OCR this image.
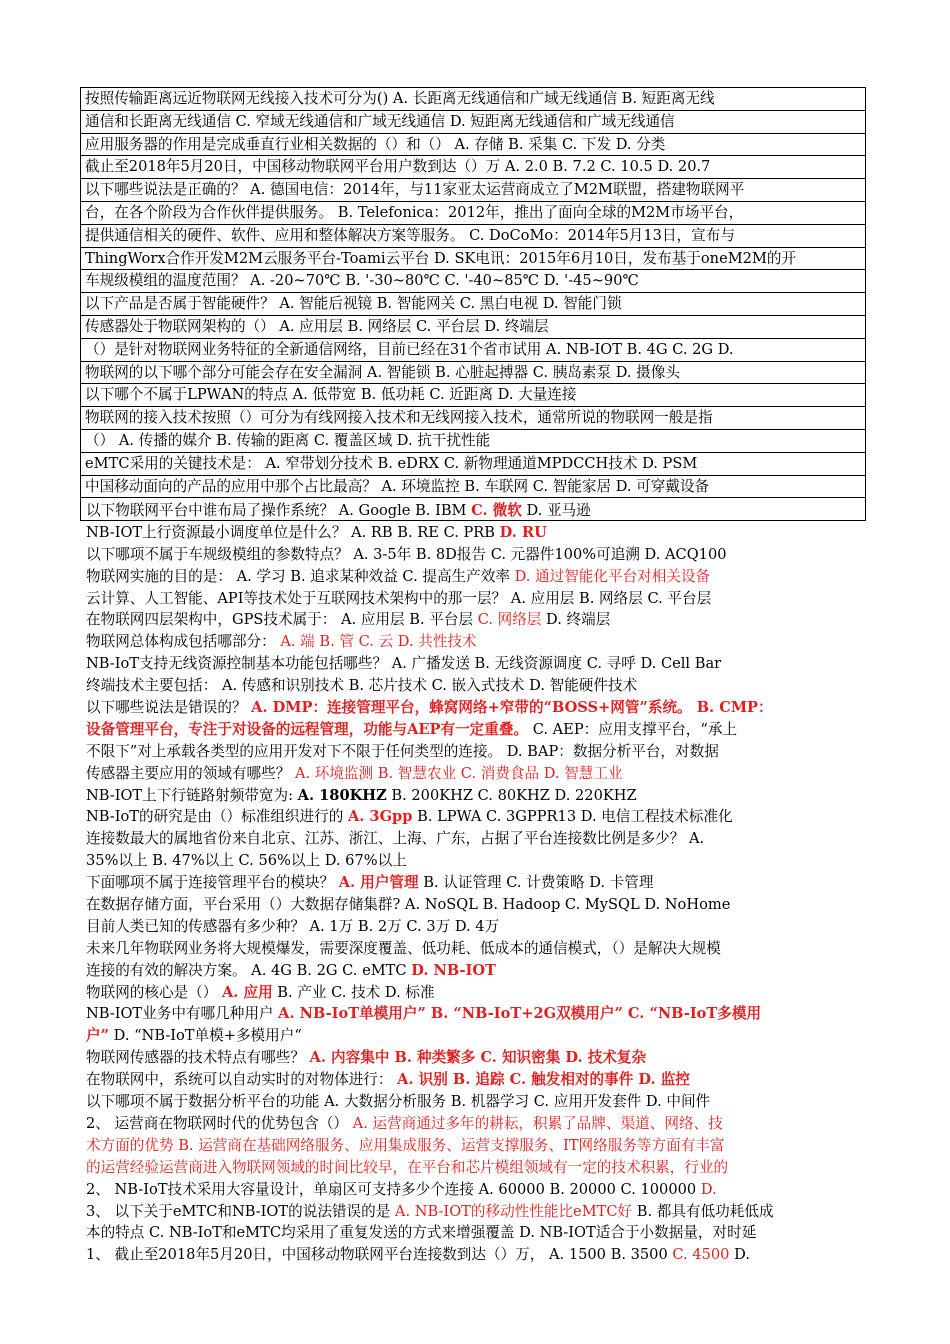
按照传输距离远近物联网无线接入技术可分为() A. 长距离无线通信和广域无线通信 B. 短距离无线
通信和长距离无线通信 C. 窄域无线通信和广域无线通信 D. 短距离无线通信和广域无线通信
应用服务器的作用是完成垂直行业相关数据的（）和（） A. 存储 B. 采集 C. 下发 D. 分类
截止至2018年5月20日，中国移动物联网平台用户数到达（）万 A. 2.0 B. 7.2 C. 10.5 D. 20.7
以下哪些说法是正确的？ A. 德国电信：2014年，与11家亚太运营商成立了M2M联盟，搭建物联网平
台，在各个阶段为合作伙伴提供服务。 B. Telefonica：2012年，推出了面向全球的M2M市场平台，
提供通信相关的硬件、软件、应用和整体解决方案等服务。 C. DoCoMo：2014年5月13日，宣布与
ThingWorx合作开发M2M云服务平台-Toami云平台 D. SK电讯：2015年6月10日，发布基于oneM2M的开
车规级模组的温度范围？ A. -20~70℃ B. '-30~80℃ C. '-40~85℃ D. '-45~90℃
以下产品是否属于智能硬件？ A. 智能后视镜 B. 智能网关 C. 黑白电视 D. 智能门锁
传感器处于物联网架构的（） A. 应用层 B. 网络层 C. 平台层 D. 终端层
（）是针对物联网业务特征的全新通信网络，目前已经在31个省市试用 A. NB-IOT B. 4G C. 2G D.
物联网的以下哪个部分可能会存在安全漏洞 A. 智能锁 B. 心脏起搏器 C. 胰岛素泵 D. 摄像头
以下哪个不属于LPWAN的特点 A. 低带宽 B. 低功耗 C. 近距离 D. 大量连接
物联网的接入技术按照（）可分为有线网接入技术和无线网接入技术，通常所说的物联网一般是指
（） A. 传播的媒介 B. 传输的距离 C. 覆盖区域 D. 抗干扰性能
eMTC采用的关键技术是： A. 窄带划分技术 B. eDRX C. 新物理通道MPDCCH技术 D. PSM
中国移动面向的产品的应用中那个占比最高？ A. 环境监控 B. 车联网 C. 智能家居 D. 可穿戴设备
以下物联网平台中谁布局了操作系统？ A. Google B. IBM C. 微软 D. 亚马逊
NB-IOT上行资源最小调度单位是什么？ A. RB B. RE C. PRB D. RU
以下哪项不属于车规级模组的参数特点？ A. 3-5年 B. 8D报告 C. 元器件100%可追溯 D. ACQ100
物联网实施的目的是： A. 学习 B. 追求某种效益 C. 提高生产效率 D. 通过智能化平台对相关设备
云计算、人工智能、API等技术处于互联网技术架构中的那一层？ A. 应用层 B. 网络层 C. 平台层
在物联网四层架构中，GPS技术属于： A. 应用层 B. 平台层 C. 网络层 D. 终端层
物联网总体构成包括哪部分： A. 端 B. 管 C. 云 D. 共性技术
NB-IoT支持无线资源控制基本功能包括哪些？ A. 广播发送 B. 无线资源调度 C. 寻呼 D. Cell Bar
终端技术主要包括： A. 传感和识别技术 B. 芯片技术 C. 嵌入式技术 D. 智能硬件技术
以下哪些说法是错误的？ A. DMP：连接管理平台，蜂窝网络+窄带的“BOSS+网管”系统。 B. CMP：
设备管理平台，专注于对设备的远程管理，功能与AEP有一定重叠。 C. AEP：应用支撑平台，“承上
不限下”对上承载各类型的应用开发对下不限于任何类型的连接。 D. BAP：数据分析平台，对数据
传感器主要应用的领域有哪些？ A. 环境监测 B. 智慧农业 C. 消费食品 D. 智慧工业
NB-IOT上下行链路射频带宽为: A. 180KHZ B. 200KHZ C. 80KHZ D. 220KHZ
NB-IoT的研究是由（）标准组织进行的 A. 3Gpp B. LPWA C. 3GPPR13 D. 电信工程技术标准化
连接数最大的属地省份来自北京、江苏、浙江、上海、广东，占据了平台连接数比例是多少？ A.
35%以上 B. 47%以上 C. 56%以上 D. 67%以上
下面哪项不属于连接管理平台的模块？ A. 用户管理 B. 认证管理 C. 计费策略 D. 卡管理
在数据存储方面，平台采用（）大数据存储集群? A. NoSQL B. Hadoop C. MySQL D. NoHome
目前人类已知的传感器有多少种？ A. 1万 B. 2万 C. 3万 D. 4万
未来几年物联网业务将大规模爆发，需要深度覆盖、低功耗、低成本的通信模式，（）是解决大规模
连接的有效的解决方案。 A. 4G B. 2G C. eMTC D. NB-IOT
物联网的核心是（） A. 应用 B. 产业 C. 技术 D. 标准
NB-IOT业务中有哪几种用户 A. NB-IoT单模用户” B. “NB-IoT+2G双模用户” C. “NB-IoT多模用
户” D. “NB-IoT单模+多模用户“
物联网传感器的技术特点有哪些？ A. 内容集中 B. 种类繁多 C. 知识密集 D. 技术复杂
在物联网中，系统可以自动实时的对物体进行： A. 识别 B. 追踪 C. 触发相对的事件 D. 监控
以下哪项不属于数据分析平台的功能 A. 大数据分析服务 B. 机器学习 C. 应用开发套件 D. 中间件
2、 运营商在物联网时代的优势包含（） A. 运营商通过多年的耕耘，积累了品牌、渠道、网络、技
术方面的优势 B. 运营商在基础网络服务、应用集成服务、运营支撑服务、IT网络服务等方面有丰富
的运营经验运营商进入物联网领域的时间比较早，在平台和芯片模组领域有一定的技术积累，行业的
2、 NB-IoT技术采用大容量设计，单扇区可支持多少个连接 A. 60000 B. 20000 C. 100000 D.
3、 以下关于eMTC和NB-IOT的说法错误的是 A. NB-IOT的移动性性能比eMTC好 B. 都具有低功耗低成
本的特点 C. NB-IoT和eMTC均采用了重复发送的方式来增强覆盖 D. NB-IOT适合于小数据量，对时延
1、 截止至2018年5月20日，中国移动物联网平台连接数到达（）万， A. 1500 B. 3500 C. 4500 D.
